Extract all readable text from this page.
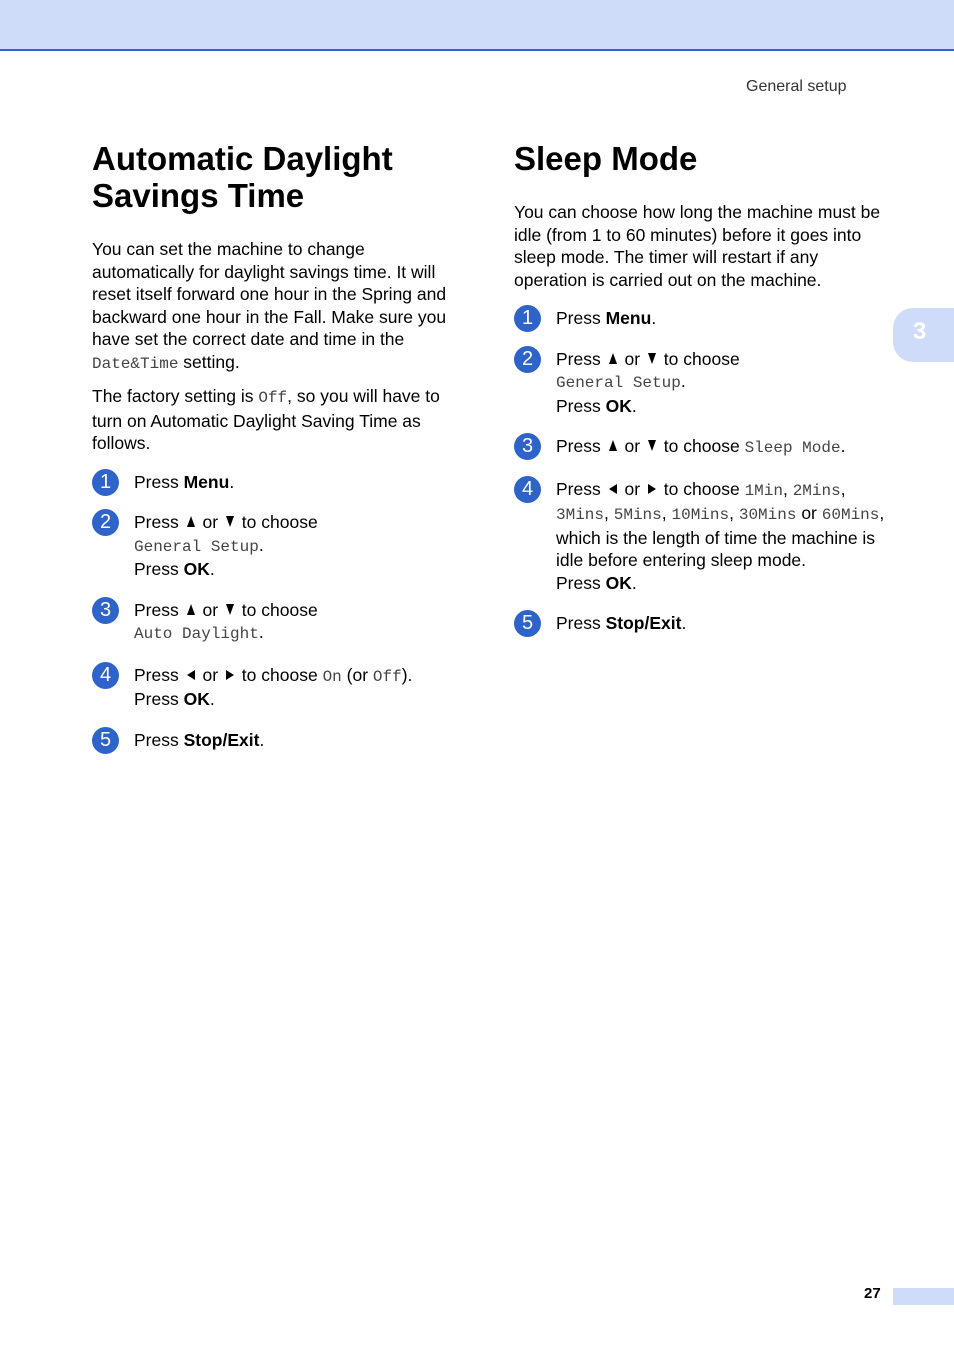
General setup
3
Automatic Daylight
Savings Time

You can set the machine to change automatically for daylight savings time. It will reset itself forward one hour in the Spring and backward one hour in the Fall. Make sure you have set the correct date and time in the Date&Time setting.

The factory setting is Off, so you will have to turn on Automatic Daylight Saving Time as follows.

1	Press Menu.
2	Press or to choose
General Setup.
Press OK.
3	Press or to choose
Auto Daylight.
4	Press or to choose On (or Off).
Press OK.
5	Press Stop/Exit.
Sleep Mode

You can choose how long the machine must be idle (from 1 to 60 minutes) before it goes into sleep mode. The timer will restart if any operation is carried out on the machine.

1	Press Menu.
2	Press or to choose
General Setup.
Press OK.
3	Press or to choose Sleep Mode.
4	Press or to choose 1Min, 2Mins, 3Mins, 5Mins, 10Mins, 30Mins or 60Mins, which is the length of time the machine is idle before entering sleep mode.
Press OK.
5	Press Stop/Exit.
27
